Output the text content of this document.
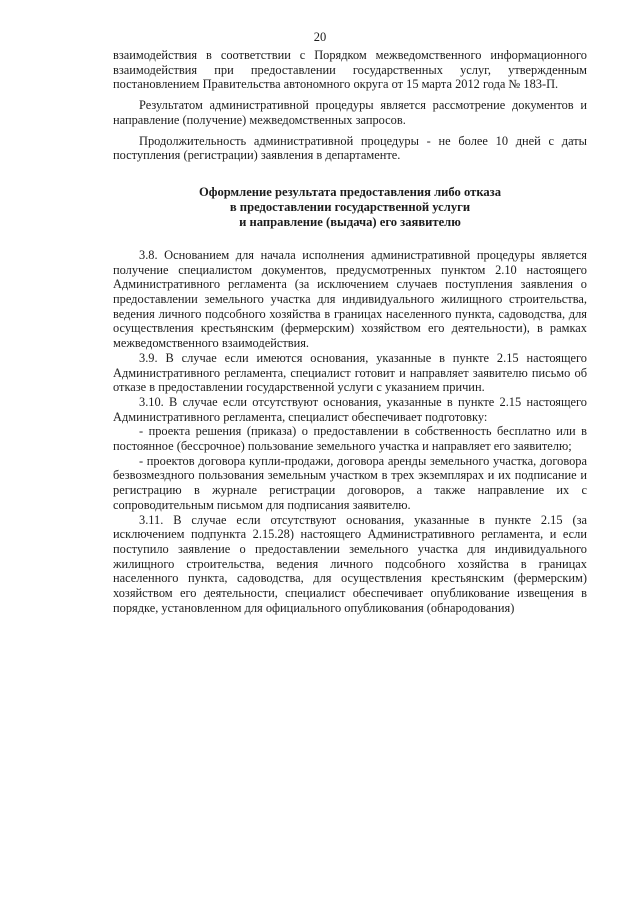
20

взаимодействия в соответствии с Порядком межведомственного информационного взаимодействия при предоставлении государственных услуг, утвержденным постановлением Правительства автономного округа от 15 марта 2012 года № 183-П.

Результатом административной процедуры является рассмотрение документов и направление (получение) межведомственных запросов.

Продолжительность административной процедуры - не более 10 дней с даты поступления (регистрации) заявления в департаменте.

Оформление результата предоставления либо отказа
в предоставлении государственной услуги
и направление (выдача) его заявителю

3.8. Основанием для начала исполнения административной процедуры является получение специалистом документов, предусмотренных пунктом 2.10 настоящего Административного регламента (за исключением случаев поступления заявления о предоставлении земельного участка для индивидуального жилищного строительства, ведения личного подсобного хозяйства в границах населенного пункта, садоводства, для осуществления крестьянским (фермерским) хозяйством его деятельности), в рамках межведомственного взаимодействия.

3.9. В случае если имеются основания, указанные в пункте 2.15 настоящего Административного регламента, специалист готовит и направляет заявителю письмо об отказе в предоставлении государственной услуги с указанием причин.

3.10. В случае если отсутствуют основания, указанные в пункте 2.15 настоящего Административного регламента, специалист обеспечивает подготовку:

- проекта решения (приказа) о предоставлении в собственность бесплатно или в постоянное (бессрочное) пользование земельного участка и направляет его заявителю;

- проектов договора купли-продажи, договора аренды земельного участка, договора безвозмездного пользования земельным участком в трех экземплярах и их подписание и регистрацию в журнале регистрации договоров, а также направление их с сопроводительным письмом для подписания заявителю.

3.11. В случае если отсутствуют основания, указанные в пункте 2.15 (за исключением подпункта 2.15.28) настоящего Административного регламента, и если поступило заявление о предоставлении земельного участка для индивидуального жилищного строительства, ведения личного подсобного хозяйства в границах населенного пункта, садоводства, для осуществления крестьянским (фермерским) хозяйством его деятельности, специалист обеспечивает опубликование извещения в порядке, установленном для официального опубликования (обнародования)
